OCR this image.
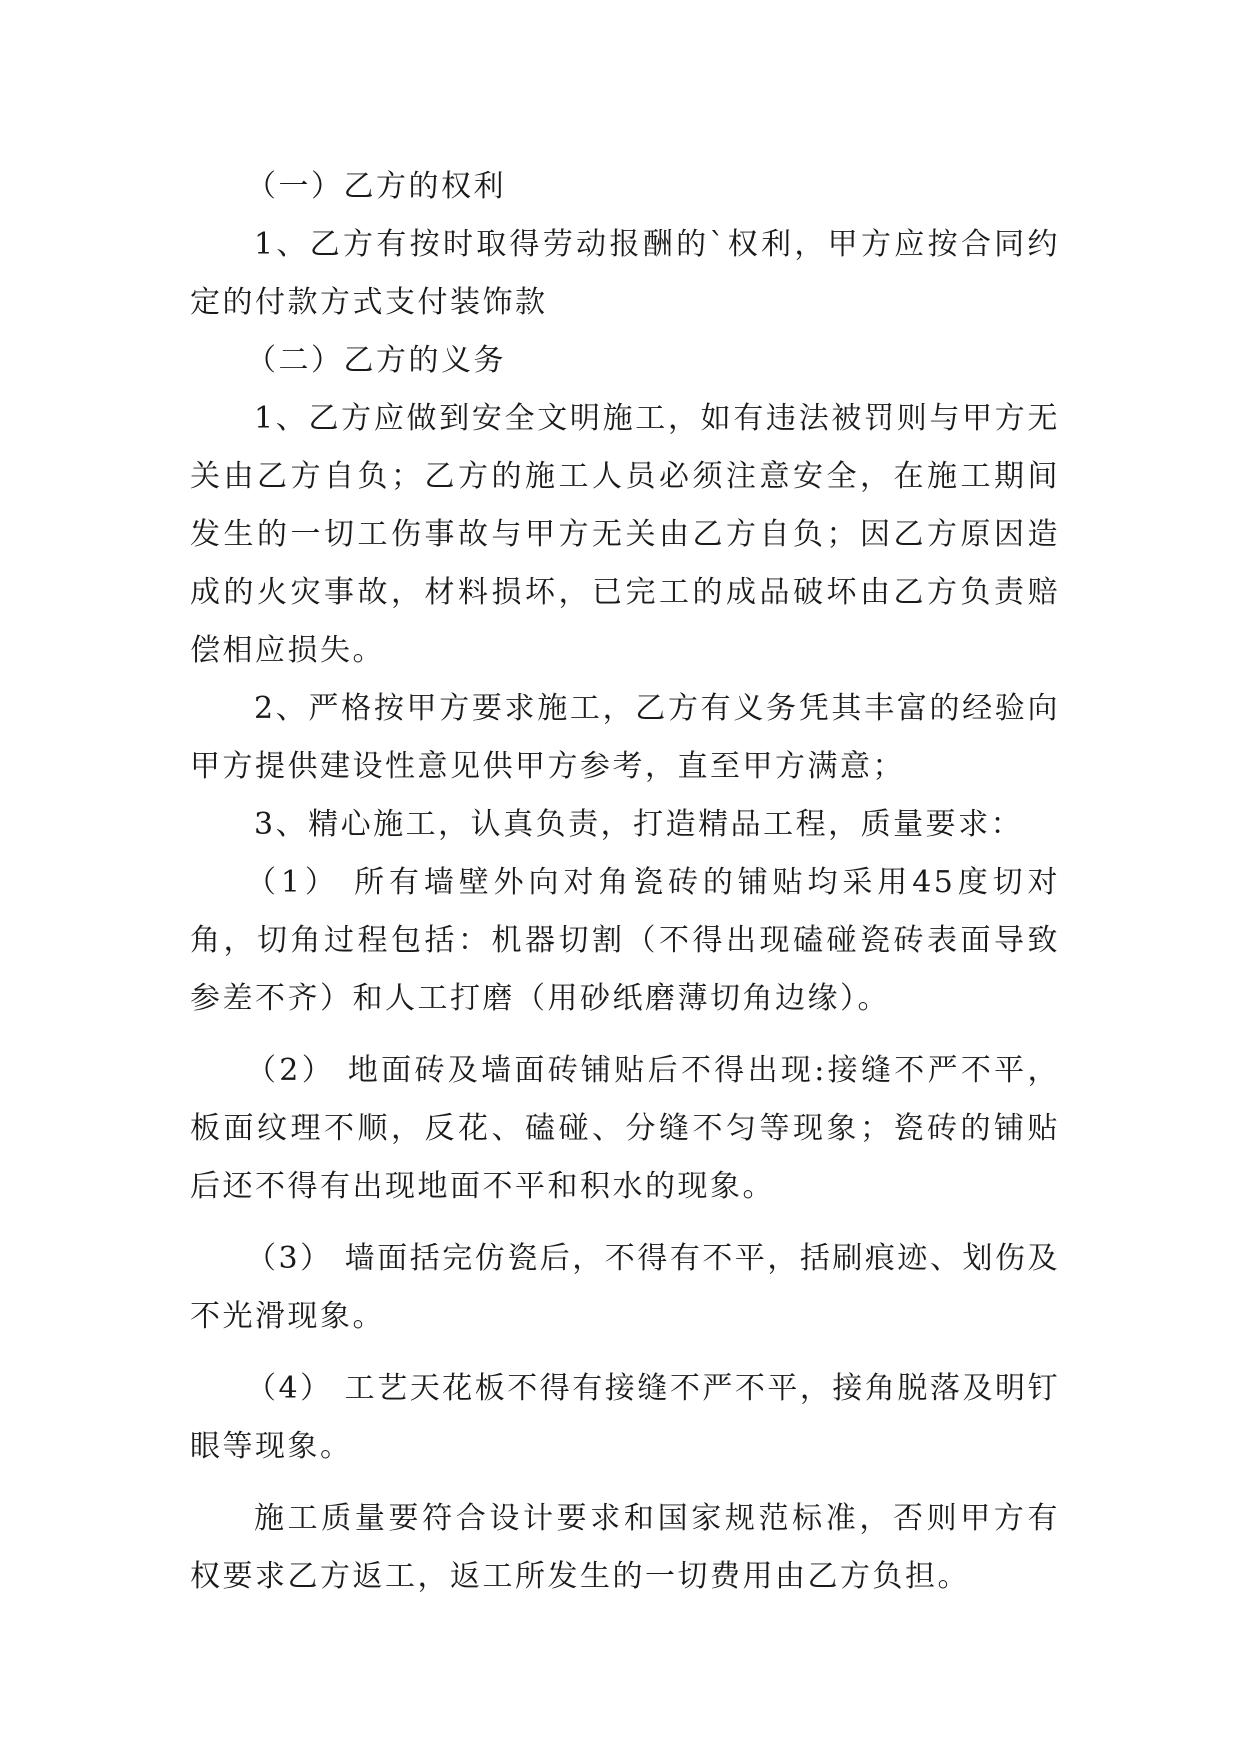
（一）乙方的权利

1、乙方有按时取得劳动报酬的`权利，甲方应按合同约定的付款方式支付装饰款

（二）乙方的义务

1、乙方应做到安全文明施工，如有违法被罚则与甲方无关由乙方自负；乙方的施工人员必须注意安全，在施工期间发生的一切工伤事故与甲方无关由乙方自负；因乙方原因造成的火灾事故，材料损坏，已完工的成品破坏由乙方负责赔偿相应损失。

2、严格按甲方要求施工，乙方有义务凭其丰富的经验向甲方提供建设性意见供甲方参考，直至甲方满意；

3、精心施工，认真负责，打造精品工程，质量要求：

（1） 所有墙壁外向对角瓷砖的铺贴均采用45度切对角，切角过程包括：机器切割（不得出现磕碰瓷砖表面导致参差不齐）和人工打磨（用砂纸磨薄切角边缘）。

（2） 地面砖及墙面砖铺贴后不得出现:接缝不严不平，板面纹理不顺，反花、磕碰、分缝不匀等现象；瓷砖的铺贴后还不得有出现地面不平和积水的现象。

（3） 墙面括完仿瓷后，不得有不平，括刷痕迹、划伤及不光滑现象。

（4） 工艺天花板不得有接缝不严不平，接角脱落及明钉眼等现象。

施工质量要符合设计要求和国家规范标准，否则甲方有权要求乙方返工，返工所发生的一切费用由乙方负担。
